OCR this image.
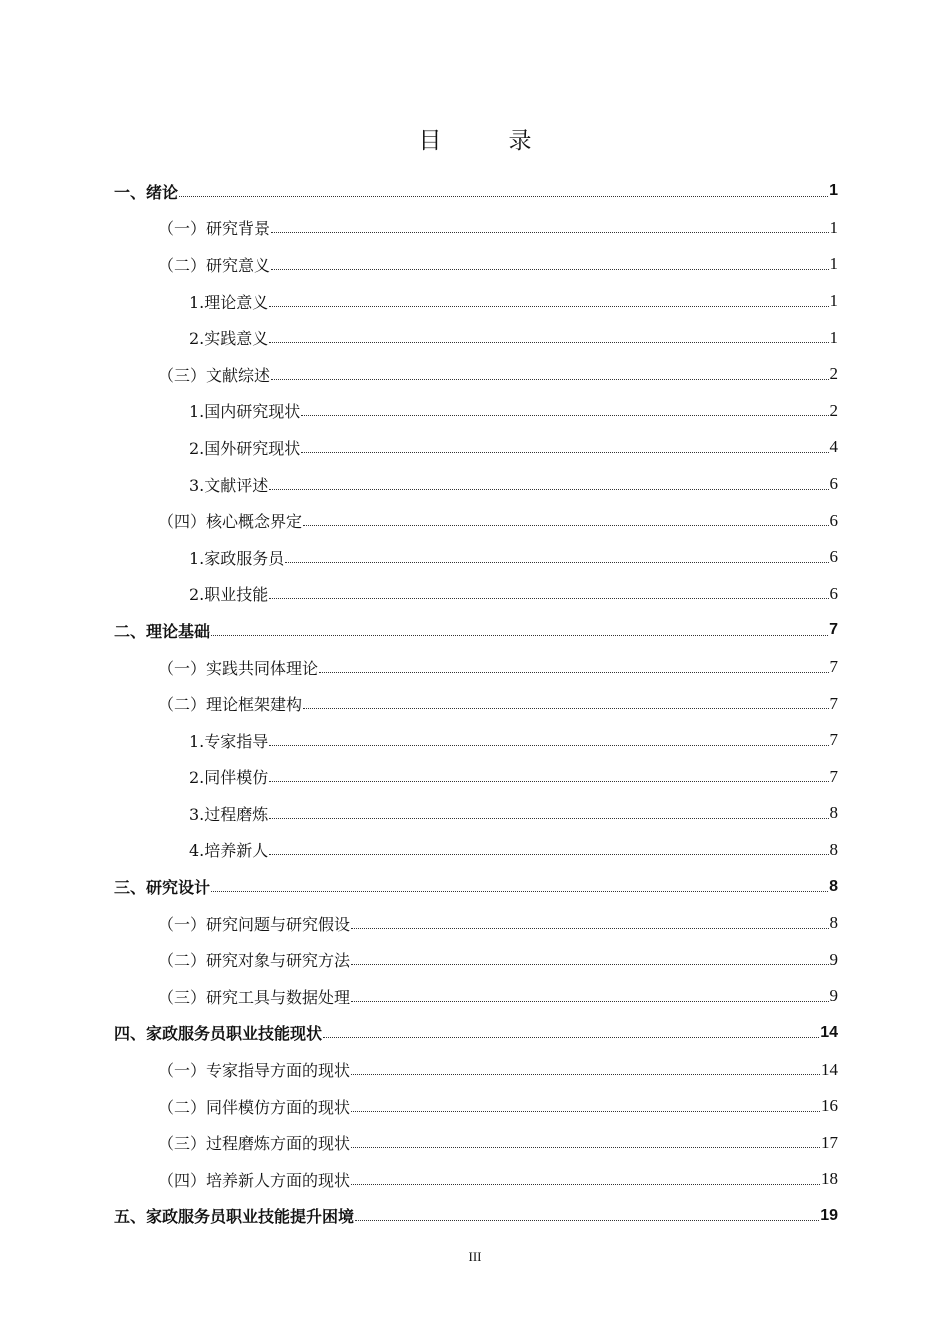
目　录
一、绪论	1
（一）研究背景	1
（二）研究意义	1
1.理论意义	1
2.实践意义	1
（三）文献综述	2
1.国内研究现状	2
2.国外研究现状	4
3.文献评述	6
（四）核心概念界定	6
1.家政服务员	6
2.职业技能	6
二、理论基础	7
（一）实践共同体理论	7
（二）理论框架建构	7
1.专家指导	7
2.同伴模仿	7
3.过程磨炼	8
4.培养新人	8
三、研究设计	8
（一）研究问题与研究假设	8
（二）研究对象与研究方法	9
（三）研究工具与数据处理	9
四、家政服务员职业技能现状	14
（一）专家指导方面的现状	14
（二）同伴模仿方面的现状	16
（三）过程磨炼方面的现状	17
（四）培养新人方面的现状	18
五、家政服务员职业技能提升困境	19
III
